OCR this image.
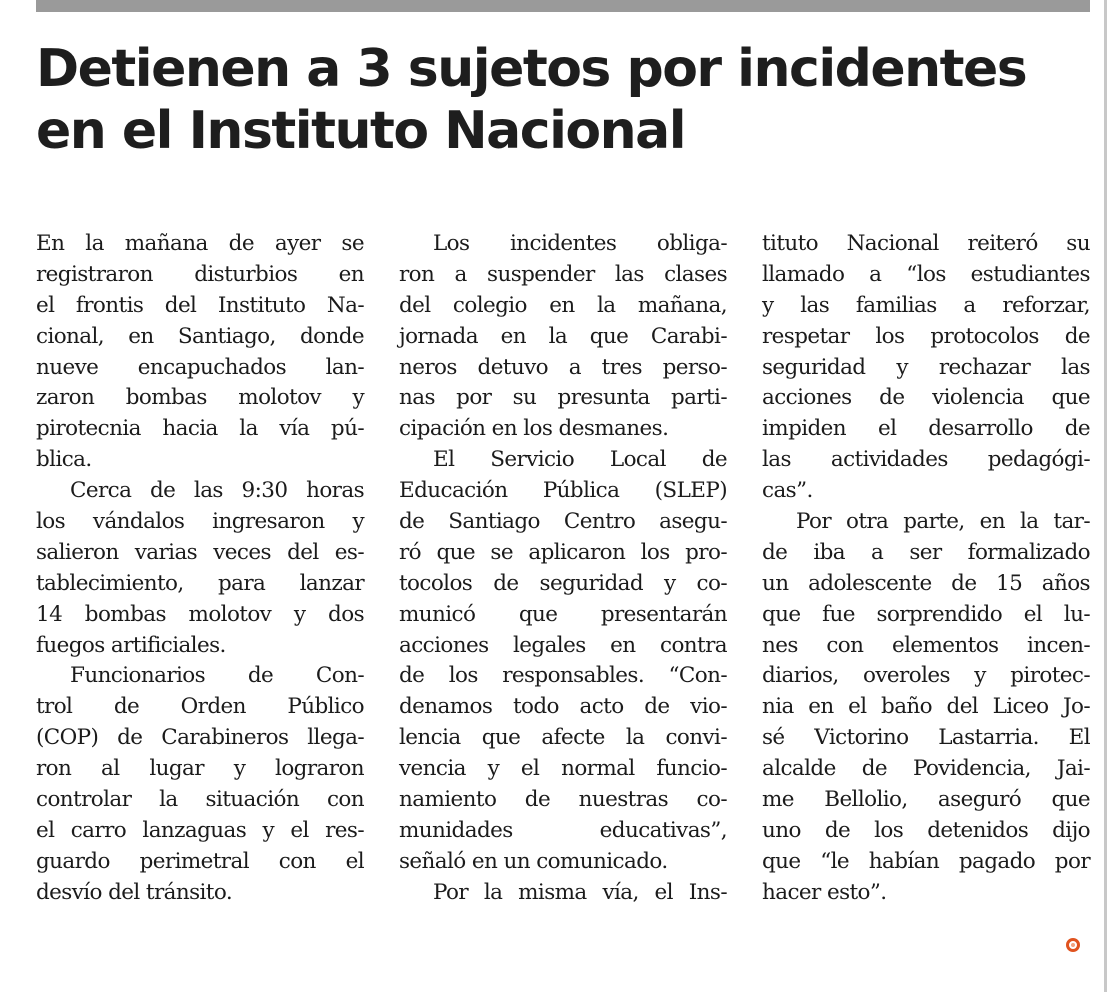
Detienen a 3 sujetos por incidentes
en el Instituto Nacional
En la mañana de ayer se
registraron disturbios en
el frontis del Instituto Na-
cional, en Santiago, donde
nueve encapuchados lan-
zaron bombas molotov y
pirotecnia hacia la vía pú-
blica.
Cerca de las 9:30 horas
los vándalos ingresaron y
salieron varias veces del es-
tablecimiento, para lanzar
14 bombas molotov y dos
fuegos artificiales.
Funcionarios de Con-
trol de Orden Público
(COP) de Carabineros llega-
ron al lugar y lograron
controlar la situación con
el carro lanzaguas y el res-
guardo perimetral con el
desvío del tránsito.
Los incidentes obliga-
ron a suspender las clases
del colegio en la mañana,
jornada en la que Carabi-
neros detuvo a tres perso-
nas por su presunta parti-
cipación en los desmanes.
El Servicio Local de
Educación Pública (SLEP)
de Santiago Centro asegu-
ró que se aplicaron los pro-
tocolos de seguridad y co-
municó que presentarán
acciones legales en contra
de los responsables. “Con-
denamos todo acto de vio-
lencia que afecte la convi-
vencia y el normal funcio-
namiento de nuestras co-
munidades educativas”,
señaló en un comunicado.
Por la misma vía, el Ins-
tituto Nacional reiteró su
llamado a “los estudiantes
y las familias a reforzar,
respetar los protocolos de
seguridad y rechazar las
acciones de violencia que
impiden el desarrollo de
las actividades pedagógi-
cas”.
Por otra parte, en la tar-
de iba a ser formalizado
un adolescente de 15 años
que fue sorprendido el lu-
nes con elementos incen-
diarios, overoles y pirotec-
nia en el baño del Liceo Jo-
sé Victorino Lastarria. El
alcalde de Povidencia, Jai-
me Bellolio, aseguró que
uno de los detenidos dijo
que “le habían pagado por
hacer esto”.
